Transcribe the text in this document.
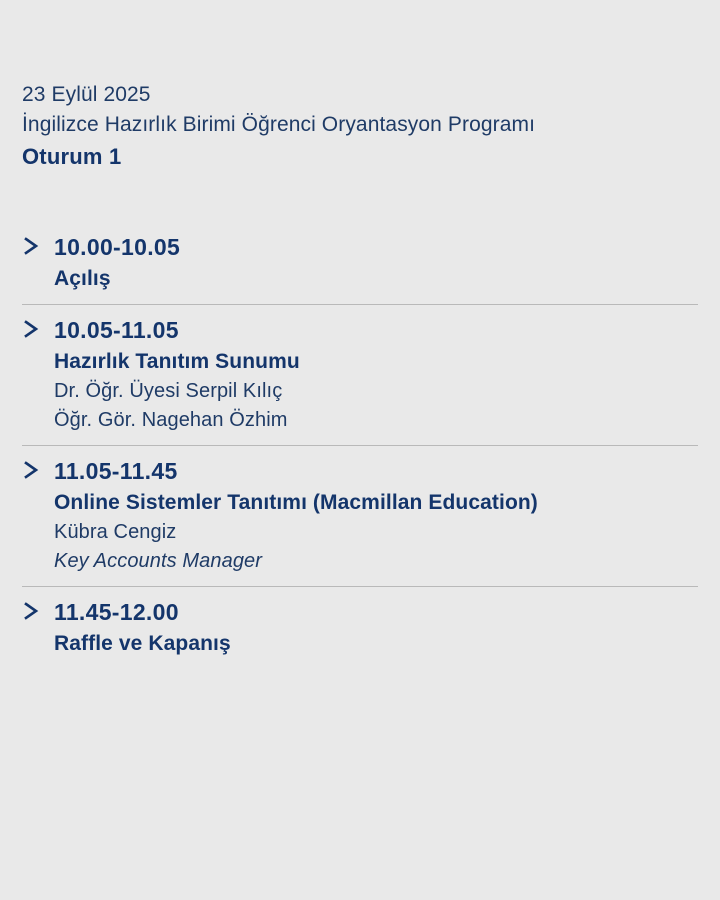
23 Eylül 2025
İngilizce Hazırlık Birimi Öğrenci Oryantasyon Programı
Oturum 1
10.00-10.05
Açılış
10.05-11.05
Hazırlık Tanıtım Sunumu
Dr. Öğr. Üyesi Serpil Kılıç
Öğr. Gör. Nagehan Özhim
11.05-11.45
Online Sistemler Tanıtımı (Macmillan Education)
Kübra Cengiz
Key Accounts Manager
11.45-12.00
Raffle ve Kapanış
